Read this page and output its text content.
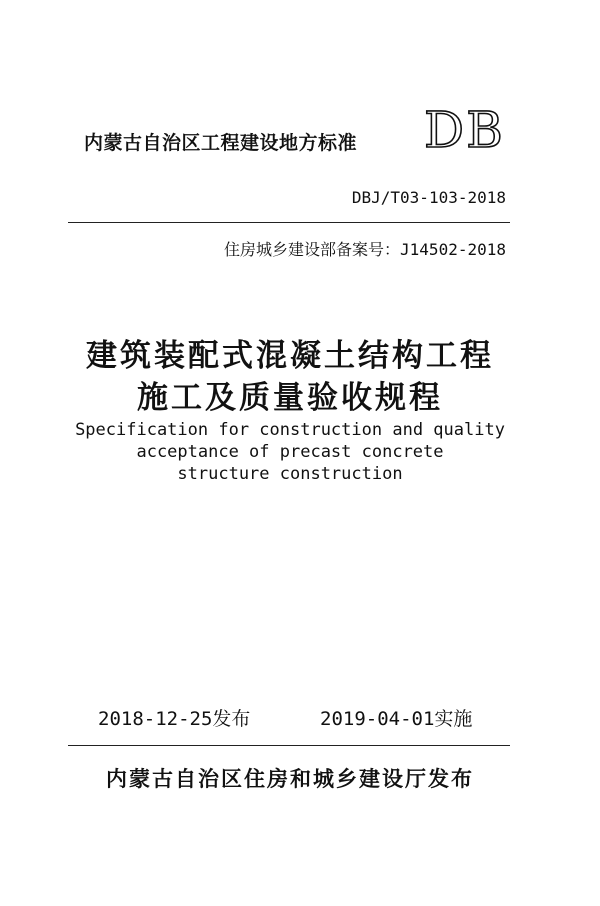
内蒙古自治区工程建设地方标准 DB
DBJ/T03-103-2018
住房城乡建设部备案号：J14502-2018
建筑装配式混凝土结构工程
施工及质量验收规程
Specification for construction and quality
acceptance of precast concrete
structure construction
2018-12-25发布	2019-04-01实施
内蒙古自治区住房和城乡建设厅发布
